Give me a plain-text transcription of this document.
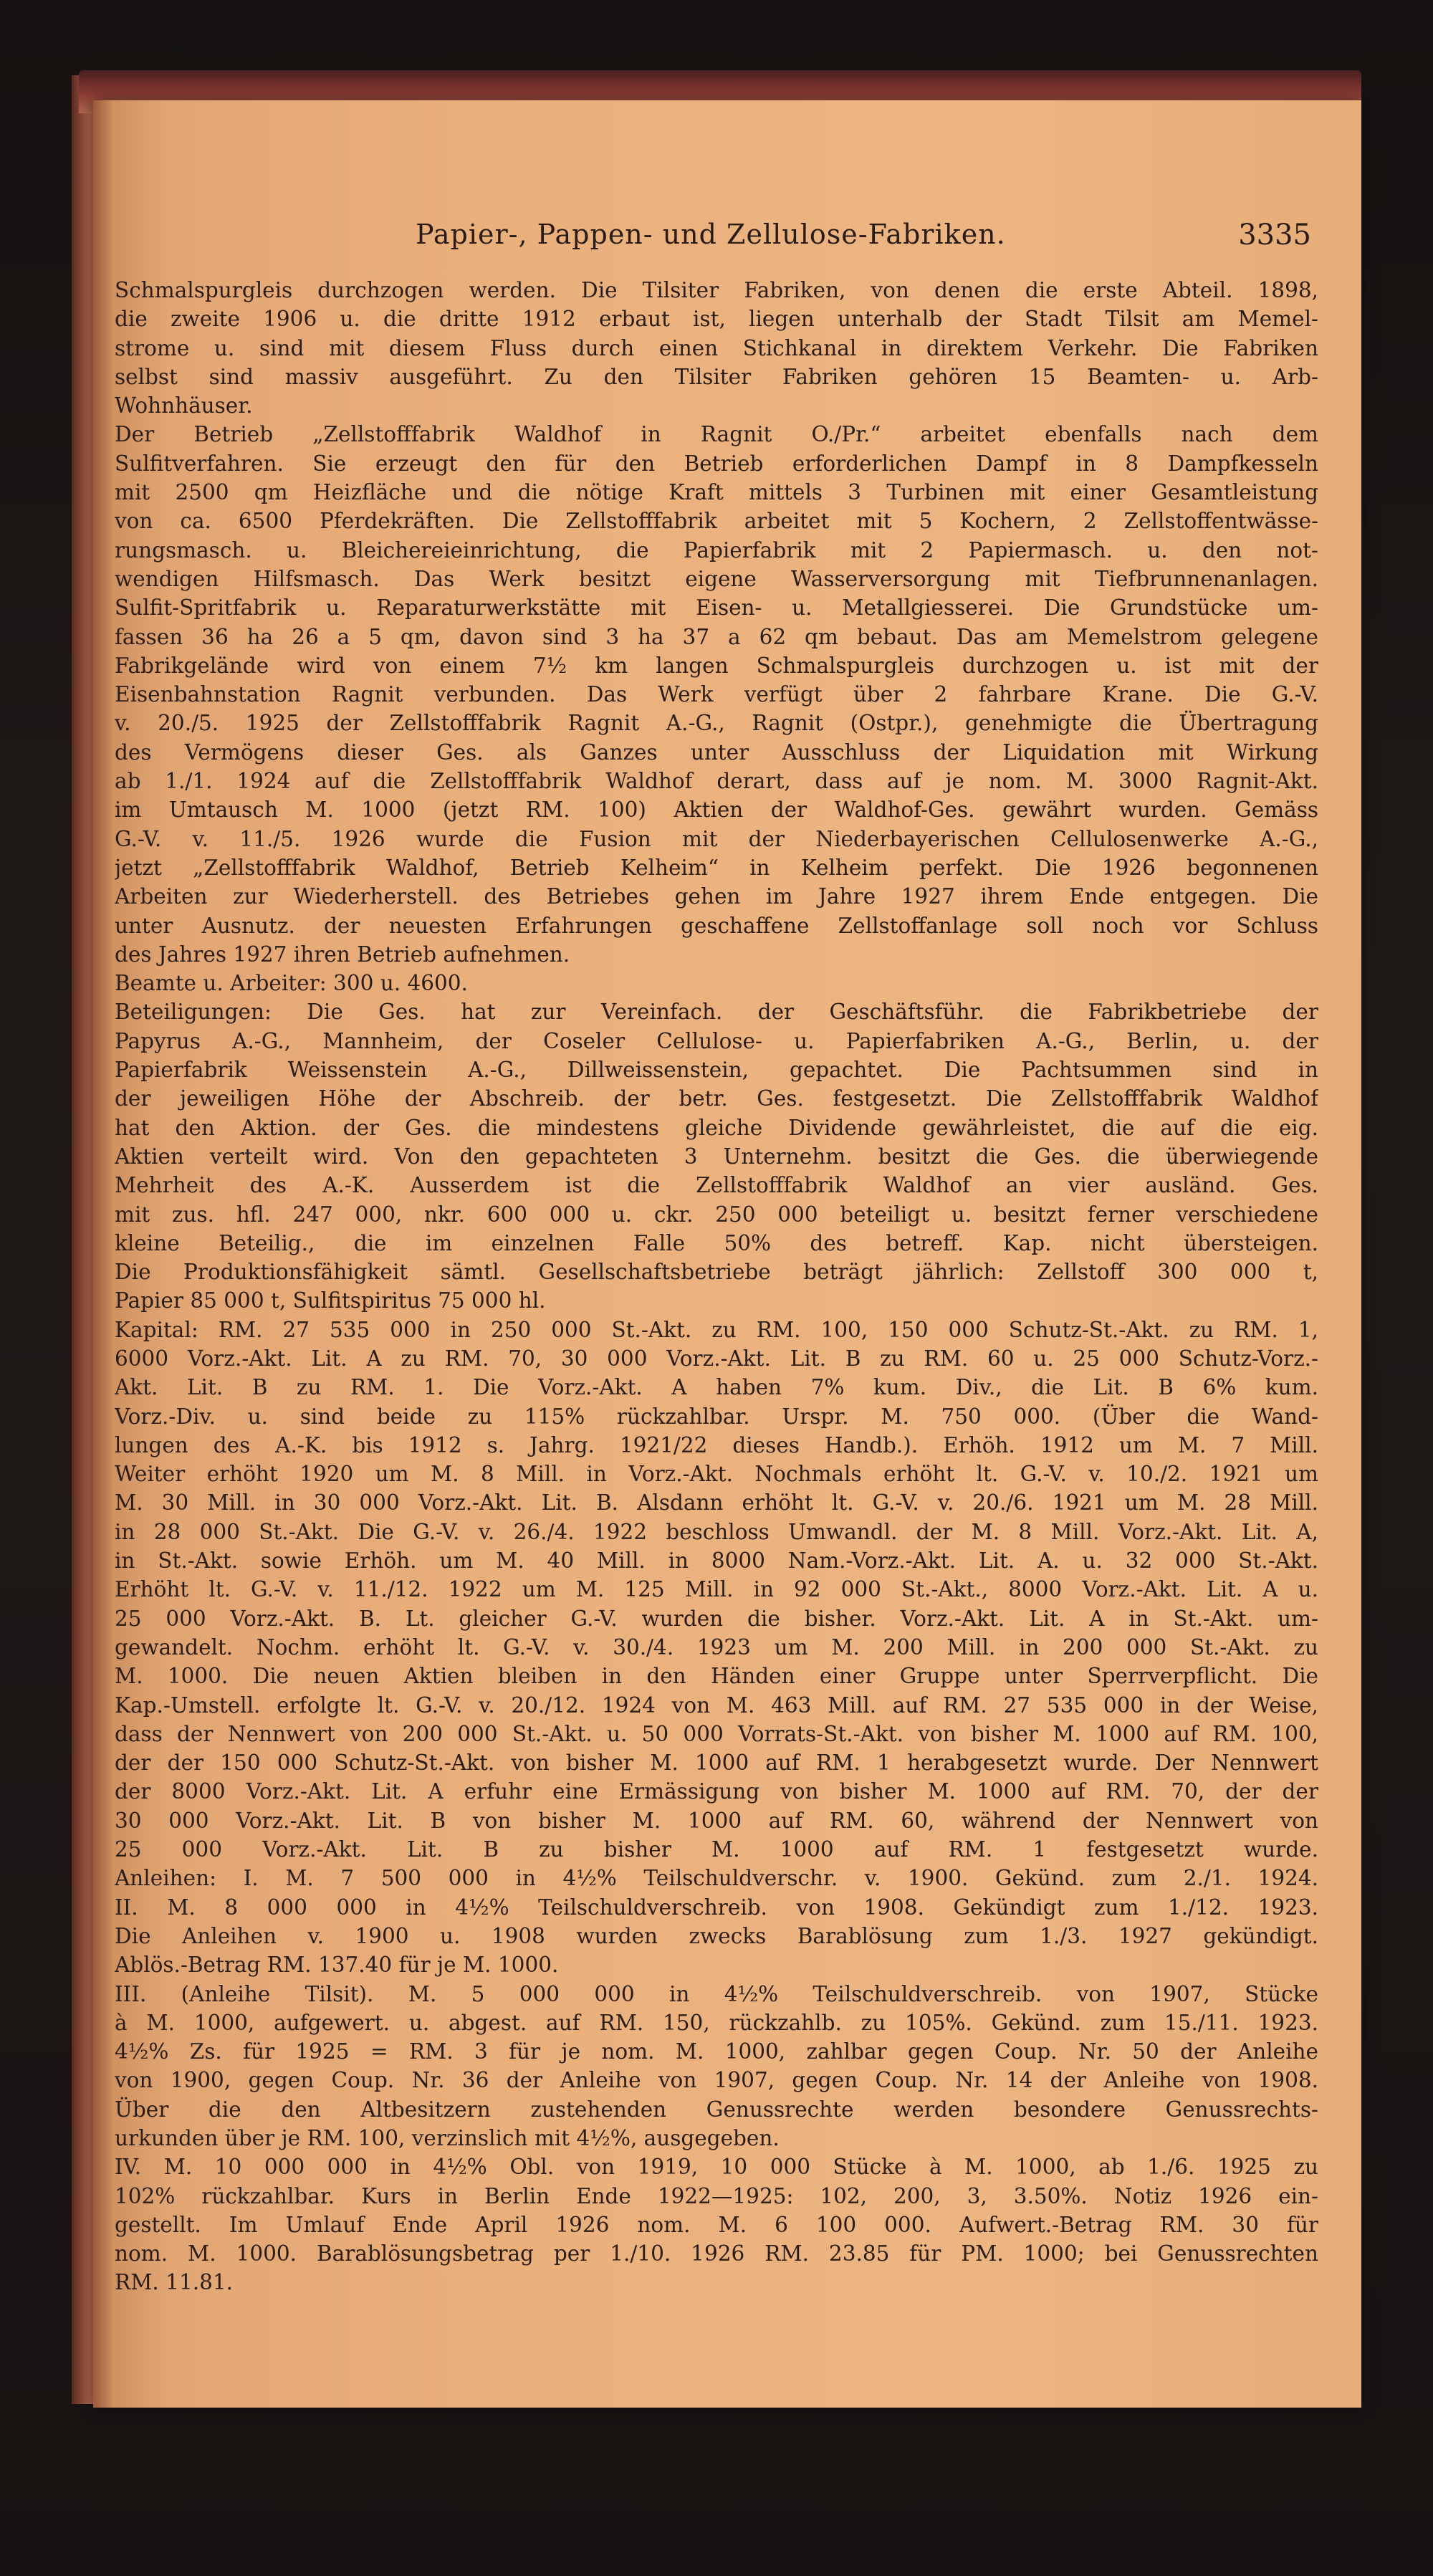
Papier-, Pappen- und Zellulose-Fabriken.	3335
Schmalspurgleis durchzogen werden. Die Tilsiter Fabriken, von denen die erste Abteil. 1898,
die zweite 1906 u. die dritte 1912 erbaut ist, liegen unterhalb der Stadt Tilsit am Memel-
strome u. sind mit diesem Fluss durch einen Stichkanal in direktem Verkehr. Die Fabriken
selbst sind massiv ausgeführt. Zu den Tilsiter Fabriken gehören 15 Beamten- u. Arb-
Wohnhäuser.
Der Betrieb „Zellstofffabrik Waldhof in Ragnit O./Pr.“ arbeitet ebenfalls nach dem
Sulfitverfahren. Sie erzeugt den für den Betrieb erforderlichen Dampf in 8 Dampfkesseln
mit 2500 qm Heizfläche und die nötige Kraft mittels 3 Turbinen mit einer Gesamtleistung
von ca. 6500 Pferdekräften. Die Zellstofffabrik arbeitet mit 5 Kochern, 2 Zellstoffentwässe-
rungsmasch. u. Bleichereieinrichtung, die Papierfabrik mit 2 Papiermasch. u. den not-
wendigen Hilfsmasch. Das Werk besitzt eigene Wasserversorgung mit Tiefbrunnenanlagen.
Sulfit-Spritfabrik u. Reparaturwerkstätte mit Eisen- u. Metallgiesserei. Die Grundstücke um-
fassen 36 ha 26 a 5 qm, davon sind 3 ha 37 a 62 qm bebaut. Das am Memelstrom gelegene
Fabrikgelände wird von einem 7½ km langen Schmalspurgleis durchzogen u. ist mit der
Eisenbahnstation Ragnit verbunden. Das Werk verfügt über 2 fahrbare Krane. Die G.-V.
v. 20./5. 1925 der Zellstofffabrik Ragnit A.-G., Ragnit (Ostpr.), genehmigte die Übertragung
des Vermögens dieser Ges. als Ganzes unter Ausschluss der Liquidation mit Wirkung
ab 1./1. 1924 auf die Zellstofffabrik Waldhof derart, dass auf je nom. M. 3000 Ragnit-Akt.
im Umtausch M. 1000 (jetzt RM. 100) Aktien der Waldhof-Ges. gewährt wurden. Gemäss
G.-V. v. 11./5. 1926 wurde die Fusion mit der Niederbayerischen Cellulosenwerke A.-G.,
jetzt „Zellstofffabrik Waldhof, Betrieb Kelheim“ in Kelheim perfekt. Die 1926 begonnenen
Arbeiten zur Wiederherstell. des Betriebes gehen im Jahre 1927 ihrem Ende entgegen. Die
unter Ausnutz. der neuesten Erfahrungen geschaffene Zellstoffanlage soll noch vor Schluss
des Jahres 1927 ihren Betrieb aufnehmen.
Beamte u. Arbeiter: 300 u. 4600.
Beteiligungen: Die Ges. hat zur Vereinfach. der Geschäftsführ. die Fabrikbetriebe der
Papyrus A.-G., Mannheim, der Coseler Cellulose- u. Papierfabriken A.-G., Berlin, u. der
Papierfabrik Weissenstein A.-G., Dillweissenstein, gepachtet. Die Pachtsummen sind in
der jeweiligen Höhe der Abschreib. der betr. Ges. festgesetzt. Die Zellstofffabrik Waldhof
hat den Aktion. der Ges. die mindestens gleiche Dividende gewährleistet, die auf die eig.
Aktien verteilt wird. Von den gepachteten 3 Unternehm. besitzt die Ges. die überwiegende
Mehrheit des A.-K. Ausserdem ist die Zellstofffabrik Waldhof an vier ausländ. Ges.
mit zus. hfl. 247 000, nkr. 600 000 u. ckr. 250 000 beteiligt u. besitzt ferner verschiedene
kleine Beteilig., die im einzelnen Falle 50% des betreff. Kap. nicht übersteigen.
Die Produktionsfähigkeit sämtl. Gesellschaftsbetriebe beträgt jährlich: Zellstoff 300 000 t,
Papier 85 000 t, Sulfitspiritus 75 000 hl.
Kapital: RM. 27 535 000 in 250 000 St.-Akt. zu RM. 100, 150 000 Schutz-St.-Akt. zu RM. 1,
6000 Vorz.-Akt. Lit. A zu RM. 70, 30 000 Vorz.-Akt. Lit. B zu RM. 60 u. 25 000 Schutz-Vorz.-
Akt. Lit. B zu RM. 1. Die Vorz.-Akt. A haben 7% kum. Div., die Lit. B 6% kum.
Vorz.-Div. u. sind beide zu 115% rückzahlbar. Urspr. M. 750 000. (Über die Wand-
lungen des A.-K. bis 1912 s. Jahrg. 1921/22 dieses Handb.). Erhöh. 1912 um M. 7 Mill.
Weiter erhöht 1920 um M. 8 Mill. in Vorz.-Akt. Nochmals erhöht lt. G.-V. v. 10./2. 1921 um
M. 30 Mill. in 30 000 Vorz.-Akt. Lit. B. Alsdann erhöht lt. G.-V. v. 20./6. 1921 um M. 28 Mill.
in 28 000 St.-Akt. Die G.-V. v. 26./4. 1922 beschloss Umwandl. der M. 8 Mill. Vorz.-Akt. Lit. A,
in St.-Akt. sowie Erhöh. um M. 40 Mill. in 8000 Nam.-Vorz.-Akt. Lit. A. u. 32 000 St.-Akt.
Erhöht lt. G.-V. v. 11./12. 1922 um M. 125 Mill. in 92 000 St.-Akt., 8000 Vorz.-Akt. Lit. A u.
25 000 Vorz.-Akt. B. Lt. gleicher G.-V. wurden die bisher. Vorz.-Akt. Lit. A in St.-Akt. um-
gewandelt. Nochm. erhöht lt. G.-V. v. 30./4. 1923 um M. 200 Mill. in 200 000 St.-Akt. zu
M. 1000. Die neuen Aktien bleiben in den Händen einer Gruppe unter Sperrverpflicht. Die
Kap.-Umstell. erfolgte lt. G.-V. v. 20./12. 1924 von M. 463 Mill. auf RM. 27 535 000 in der Weise,
dass der Nennwert von 200 000 St.-Akt. u. 50 000 Vorrats-St.-Akt. von bisher M. 1000 auf RM. 100,
der der 150 000 Schutz-St.-Akt. von bisher M. 1000 auf RM. 1 herabgesetzt wurde. Der Nennwert
der 8000 Vorz.-Akt. Lit. A erfuhr eine Ermässigung von bisher M. 1000 auf RM. 70, der der
30 000 Vorz.-Akt. Lit. B von bisher M. 1000 auf RM. 60, während der Nennwert von
25 000 Vorz.-Akt. Lit. B zu bisher M. 1000 auf RM. 1 festgesetzt wurde.
Anleihen: I. M. 7 500 000 in 4½% Teilschuldverschr. v. 1900. Gekünd. zum 2./1. 1924.
II. M. 8 000 000 in 4½% Teilschuldverschreib. von 1908. Gekündigt zum 1./12. 1923.
Die Anleihen v. 1900 u. 1908 wurden zwecks Barablösung zum 1./3. 1927 gekündigt.
Ablös.-Betrag RM. 137.40 für je M. 1000.
III. (Anleihe Tilsit). M. 5 000 000 in 4½% Teilschuldverschreib. von 1907, Stücke
à M. 1000, aufgewert. u. abgest. auf RM. 150, rückzahlb. zu 105%. Gekünd. zum 15./11. 1923.
4½% Zs. für 1925 = RM. 3 für je nom. M. 1000, zahlbar gegen Coup. Nr. 50 der Anleihe
von 1900, gegen Coup. Nr. 36 der Anleihe von 1907, gegen Coup. Nr. 14 der Anleihe von 1908.
Über die den Altbesitzern zustehenden Genussrechte werden besondere Genussrechts-
urkunden über je RM. 100, verzinslich mit 4½%, ausgegeben.
IV. M. 10 000 000 in 4½% Obl. von 1919, 10 000 Stücke à M. 1000, ab 1./6. 1925 zu
102% rückzahlbar. Kurs in Berlin Ende 1922—1925: 102, 200, 3, 3.50%. Notiz 1926 ein-
gestellt. Im Umlauf Ende April 1926 nom. M. 6 100 000. Aufwert.-Betrag RM. 30 für
nom. M. 1000. Barablösungsbetrag per 1./10. 1926 RM. 23.85 für PM. 1000; bei Genussrechten
RM. 11.81.
